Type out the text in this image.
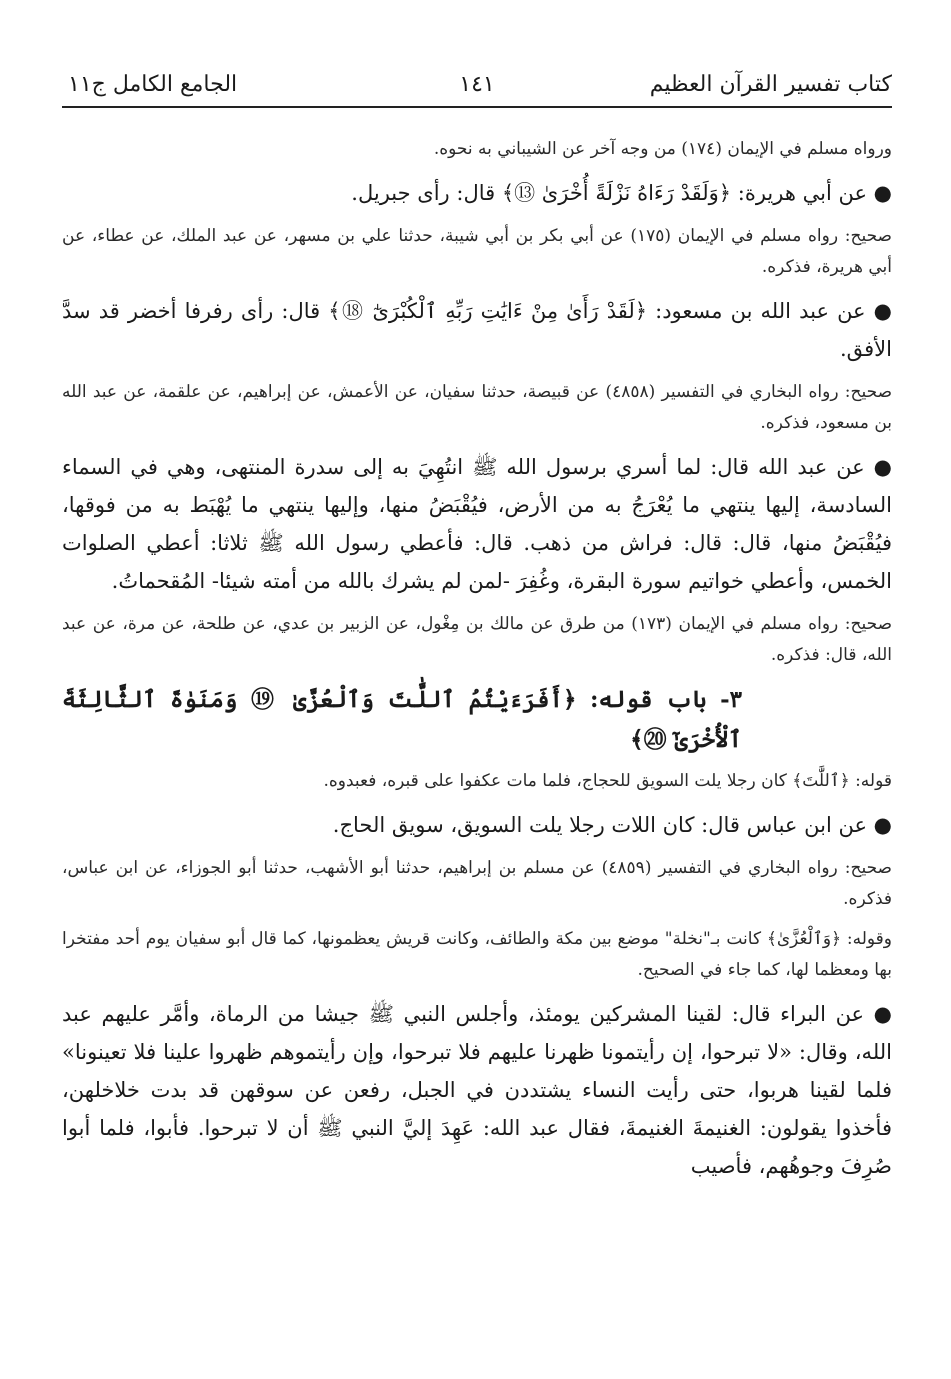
كتاب تفسير القرآن العظيم
١٤١
الجامع الكامل ج١١

ورواه مسلم في الإيمان (١٧٤) من وجه آخر عن الشيباني به نحوه.

● عن أبي هريرة: ﴿وَلَقَدْ رَءَاهُ نَزْلَةً أُخْرَىٰ ⑬﴾ قال: رأى جبريل.

صحيح: رواه مسلم في الإيمان (١٧٥) عن أبي بكر بن أبي شيبة، حدثنا علي بن مسهر، عن عبد الملك، عن عطاء، عن أبي هريرة، فذكره.

● عن عبد الله بن مسعود: ﴿لَقَدْ رَأَىٰ مِنْ ءَايَٰتِ رَبِّهِ ٱلْكُبْرَىٰٓ ⑱﴾ قال: رأى رفرفا أخضر قد سدَّ الأفق.

صحيح: رواه البخاري في التفسير (٤٨٥٨) عن قبيصة، حدثنا سفيان، عن الأعمش، عن إبراهيم، عن علقمة، عن عبد الله بن مسعود، فذكره.

● عن عبد الله قال: لما أسري برسول الله ﷺ انتُهِيَ به إلى سدرة المنتهى، وهي في السماء السادسة، إليها ينتهي ما يُعْرَجُ به من الأرض، فيُقْبَضُ منها، وإليها ينتهي ما يُهْبَط به من فوقها، فيُقْبَضُ منها، قال: قال: فراش من ذهب. قال: فأعطي رسول الله ﷺ ثلاثا: أعطي الصلوات الخمس، وأعطي خواتيم سورة البقرة، وغُفِرَ -لمن لم يشرك بالله من أمته شيئا- المُقحماتُ.

صحيح: رواه مسلم في الإيمان (١٧٣) من طرق عن مالك بن مِغْول، عن الزبير بن عدي، عن طلحة، عن مرة، عن عبد الله، قال: فذكره.

٣- باب قوله: ﴿أَفَرَءَيْتُمُ ٱللَّٰتَ وَٱلْعُزَّىٰ ⑲ وَمَنَوٰةَ ٱلثَّالِثَةَ ٱلْأُخْرَىٰٓ ⑳﴾

قوله: ﴿ٱللَّٰتَ﴾ كان رجلا يلت السويق للحجاج، فلما مات عكفوا على قبره، فعبدوه.

● عن ابن عباس قال: كان اللات رجلا يلت السويق، سويق الحاج.

صحيح: رواه البخاري في التفسير (٤٨٥٩) عن مسلم بن إبراهيم، حدثنا أبو الأشهب، حدثنا أبو الجوزاء، عن ابن عباس، فذكره.

وقوله: ﴿وَٱلْعُزَّىٰ﴾ كانت بـ"نخلة" موضع بين مكة والطائف، وكانت قريش يعظمونها، كما قال أبو سفيان يوم أحد مفتخرا بها ومعظما لها، كما جاء في الصحيح.

● عن البراء قال: لقينا المشركين يومئذ، وأجلس النبي ﷺ جيشا من الرماة، وأمَّر عليهم عبد الله، وقال: «لا تبرحوا، إن رأيتمونا ظهرنا عليهم فلا تبرحوا، وإن رأيتموهم ظهروا علينا فلا تعينونا» فلما لقينا هربوا، حتى رأيت النساء يشتددن في الجبل، رفعن عن سوقهن قد بدت خلاخلهن، فأخذوا يقولون: الغنيمةَ الغنيمةَ، فقال عبد الله: عَهِدَ إليَّ النبي ﷺ أن لا تبرحوا. فأبوا، فلما أبوا صُرِفَ وجوهُهم، فأصيب
